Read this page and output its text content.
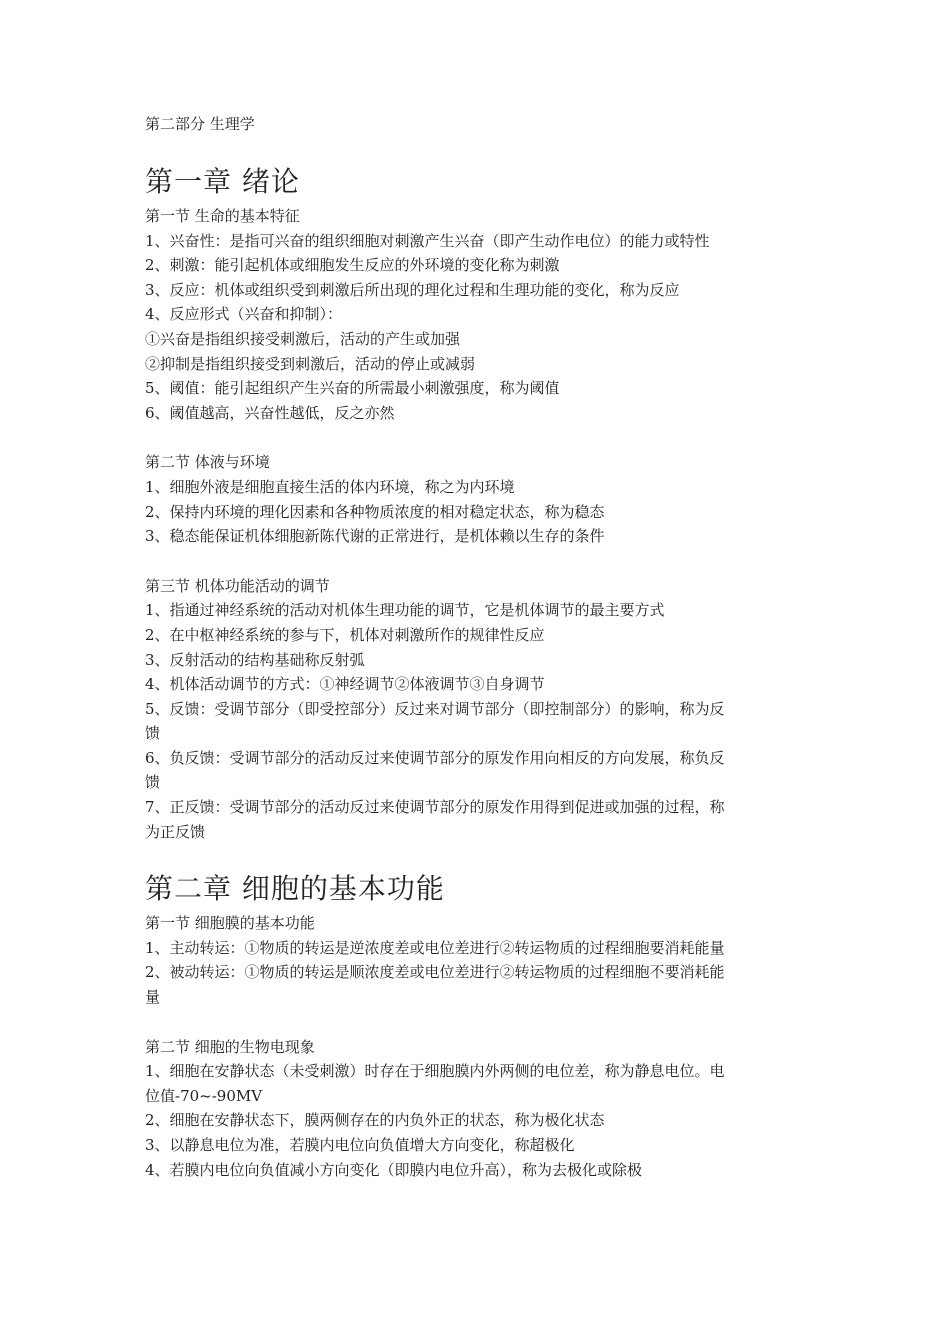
第二部分 生理学

第一章 绪论

第一节 生命的基本特征

1、兴奋性：是指可兴奋的组织细胞对刺激产生兴奋（即产生动作电位）的能力或特性

2、刺激：能引起机体或细胞发生反应的外环境的变化称为刺激

3、反应：机体或组织受到刺激后所出现的理化过程和生理功能的变化，称为反应

4、反应形式（兴奋和抑制）：

①兴奋是指组织接受刺激后，活动的产生或加强

②抑制是指组织接受到刺激后，活动的停止或减弱

5、阈值：能引起组织产生兴奋的所需最小刺激强度，称为阈值

6、阈值越高，兴奋性越低，反之亦然

第二节 体液与环境

1、细胞外液是细胞直接生活的体内环境，称之为内环境

2、保持内环境的理化因素和各种物质浓度的相对稳定状态，称为稳态

3、稳态能保证机体细胞新陈代谢的正常进行，是机体赖以生存的条件

第三节 机体功能活动的调节

1、指通过神经系统的活动对机体生理功能的调节，它是机体调节的最主要方式

2、在中枢神经系统的参与下，机体对刺激所作的规律性反应

3、反射活动的结构基础称反射弧

4、机体活动调节的方式：①神经调节②体液调节③自身调节

5、反馈：受调节部分（即受控部分）反过来对调节部分（即控制部分）的影响，称为反

馈

6、负反馈：受调节部分的活动反过来使调节部分的原发作用向相反的方向发展，称负反

馈

7、正反馈：受调节部分的活动反过来使调节部分的原发作用得到促进或加强的过程，称

为正反馈

第二章 细胞的基本功能

第一节 细胞膜的基本功能

1、主动转运：①物质的转运是逆浓度差或电位差进行②转运物质的过程细胞要消耗能量

2、被动转运：①物质的转运是顺浓度差或电位差进行②转运物质的过程细胞不要消耗能

量

第二节 细胞的生物电现象

1、细胞在安静状态（未受刺激）时存在于细胞膜内外两侧的电位差，称为静息电位。电

位值-70~-90MV

2、细胞在安静状态下，膜两侧存在的内负外正的状态，称为极化状态

3、以静息电位为准，若膜内电位向负值增大方向变化，称超极化

4、若膜内电位向负值减小方向变化（即膜内电位升高），称为去极化或除极
